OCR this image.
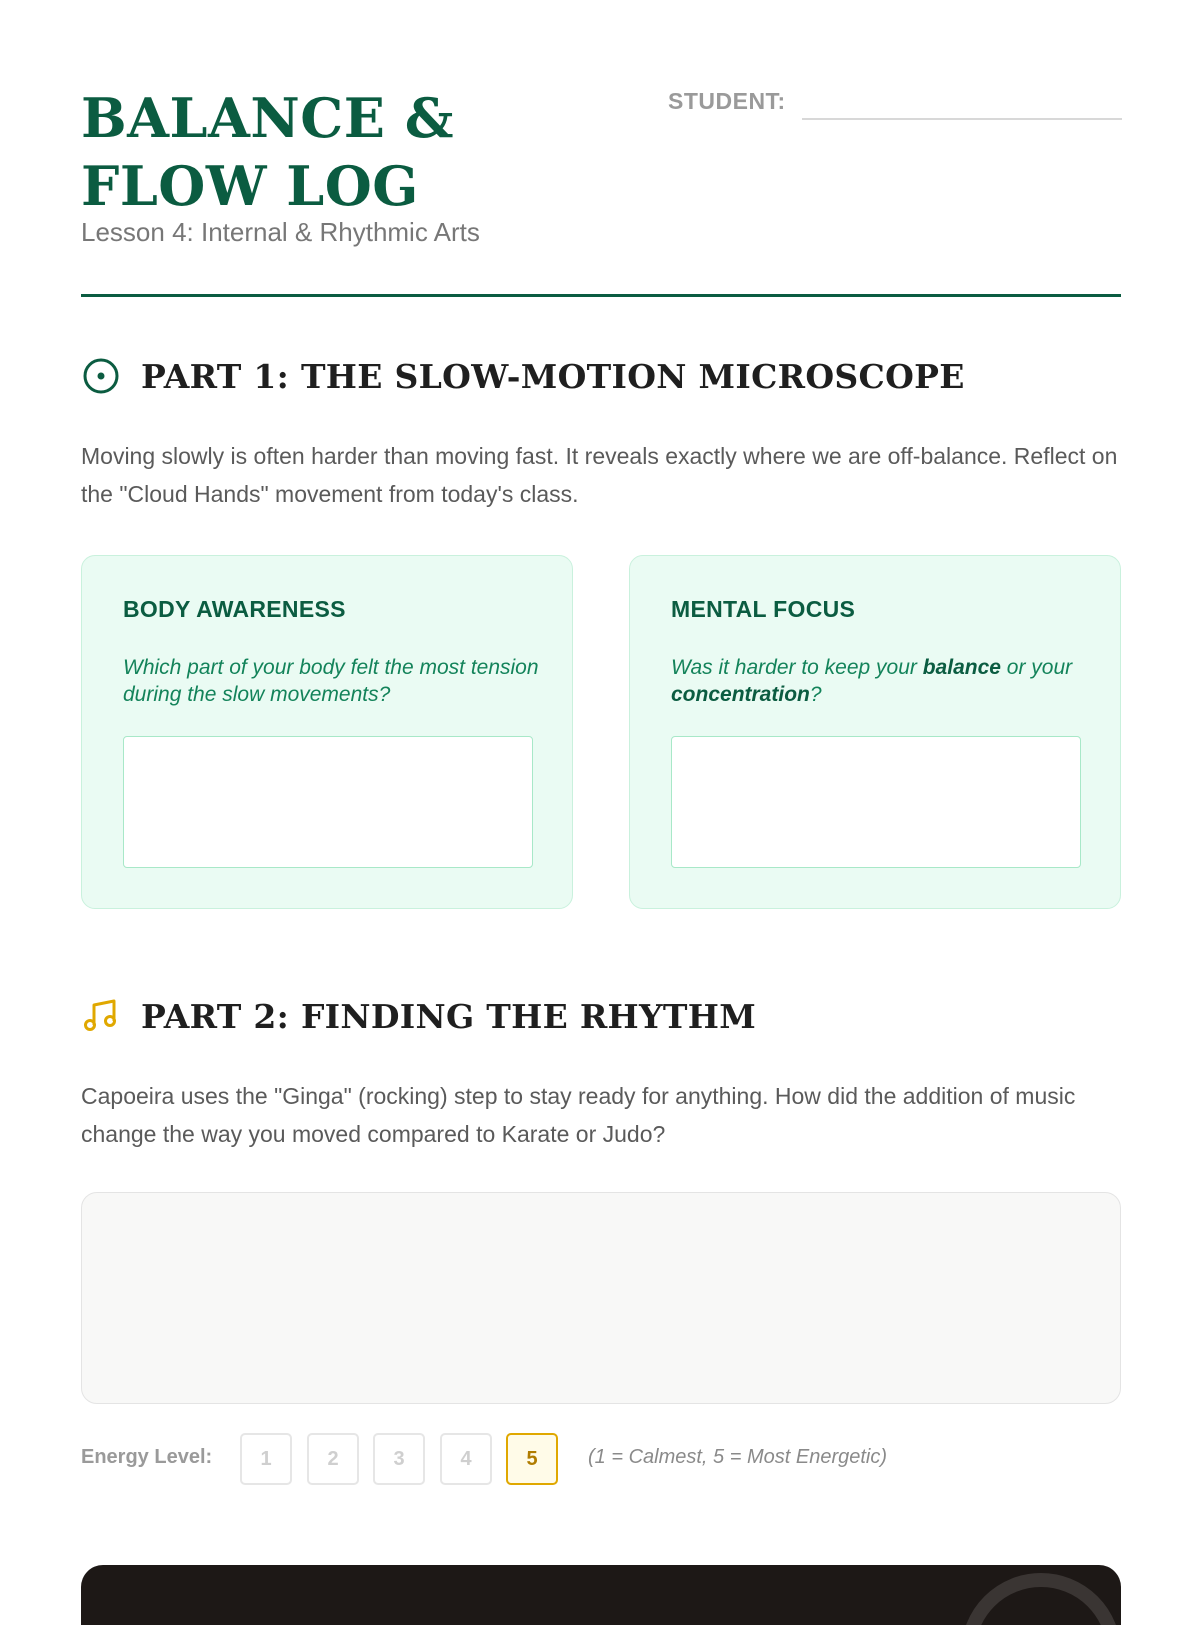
BALANCE & FLOW LOG

Lesson 4: Internal & Rhythmic Arts

STUDENT:
PART 1: THE SLOW-MOTION MICROSCOPE

Moving slowly is often harder than moving fast. It reveals exactly where we are off-balance. Reflect on the "Cloud Hands" movement from today's class.

BODY AWARENESS

Which part of your body felt the most tension during the slow movements?

MENTAL FOCUS

Was it harder to keep your balance or your concentration?

PART 2: FINDING THE RHYTHM

Capoeira uses the "Ginga" (rocking) step to stay ready for anything. How did the addition of music change the way you moved compared to Karate or Judo?

Energy Level:	1	2	3	4	5	(1 = Calmest, 5 = Most Energetic)
